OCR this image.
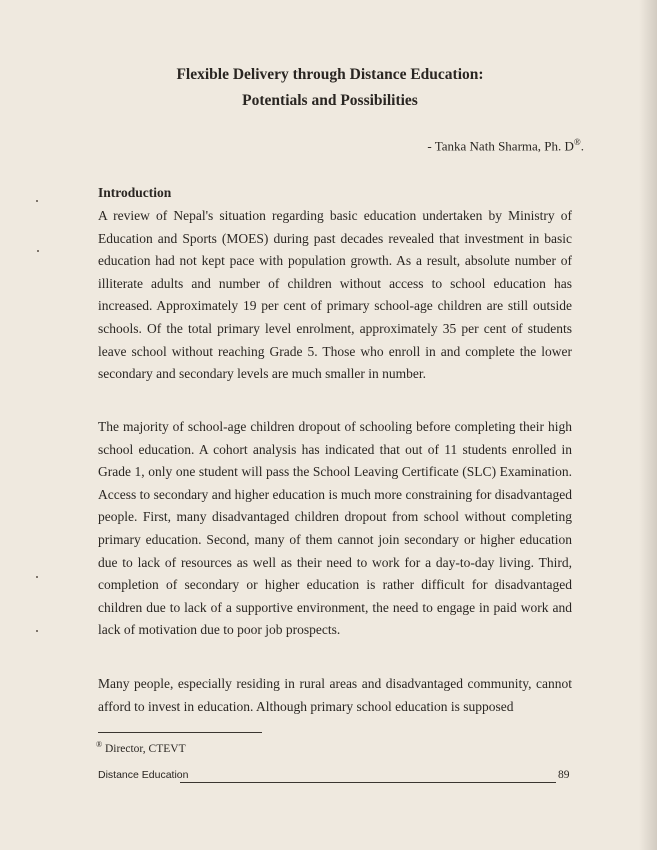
Flexible Delivery through Distance Education:
Potentials and Possibilities
- Tanka Nath Sharma, Ph. D®.
Introduction
A review of Nepal's situation regarding basic education undertaken by Ministry of Education and Sports (MOES) during past decades revealed that investment in basic education had not kept pace with population growth. As a result, absolute number of illiterate adults and number of children without access to school education has increased. Approximately 19 per cent of primary school-age children are still outside schools. Of the total primary level enrolment, approximately 35 per cent of students leave school without reaching Grade 5. Those who enroll in and complete the lower secondary and secondary levels are much smaller in number.
The majority of school-age children dropout of schooling before completing their high school education. A cohort analysis has indicated that out of 11 students enrolled in Grade 1, only one student will pass the School Leaving Certificate (SLC) Examination. Access to secondary and higher education is much more constraining for disadvantaged people. First, many disadvantaged children dropout from school without completing primary education. Second, many of them cannot join secondary or higher education due to lack of resources as well as their need to work for a day-to-day living. Third, completion of secondary or higher education is rather difficult for disadvantaged children due to lack of a supportive environment, the need to engage in paid work and lack of motivation due to poor job prospects.
Many people, especially residing in rural areas and disadvantaged community, cannot afford to invest in education. Although primary school education is supposed
® Director, CTEVT
Distance Education	89
